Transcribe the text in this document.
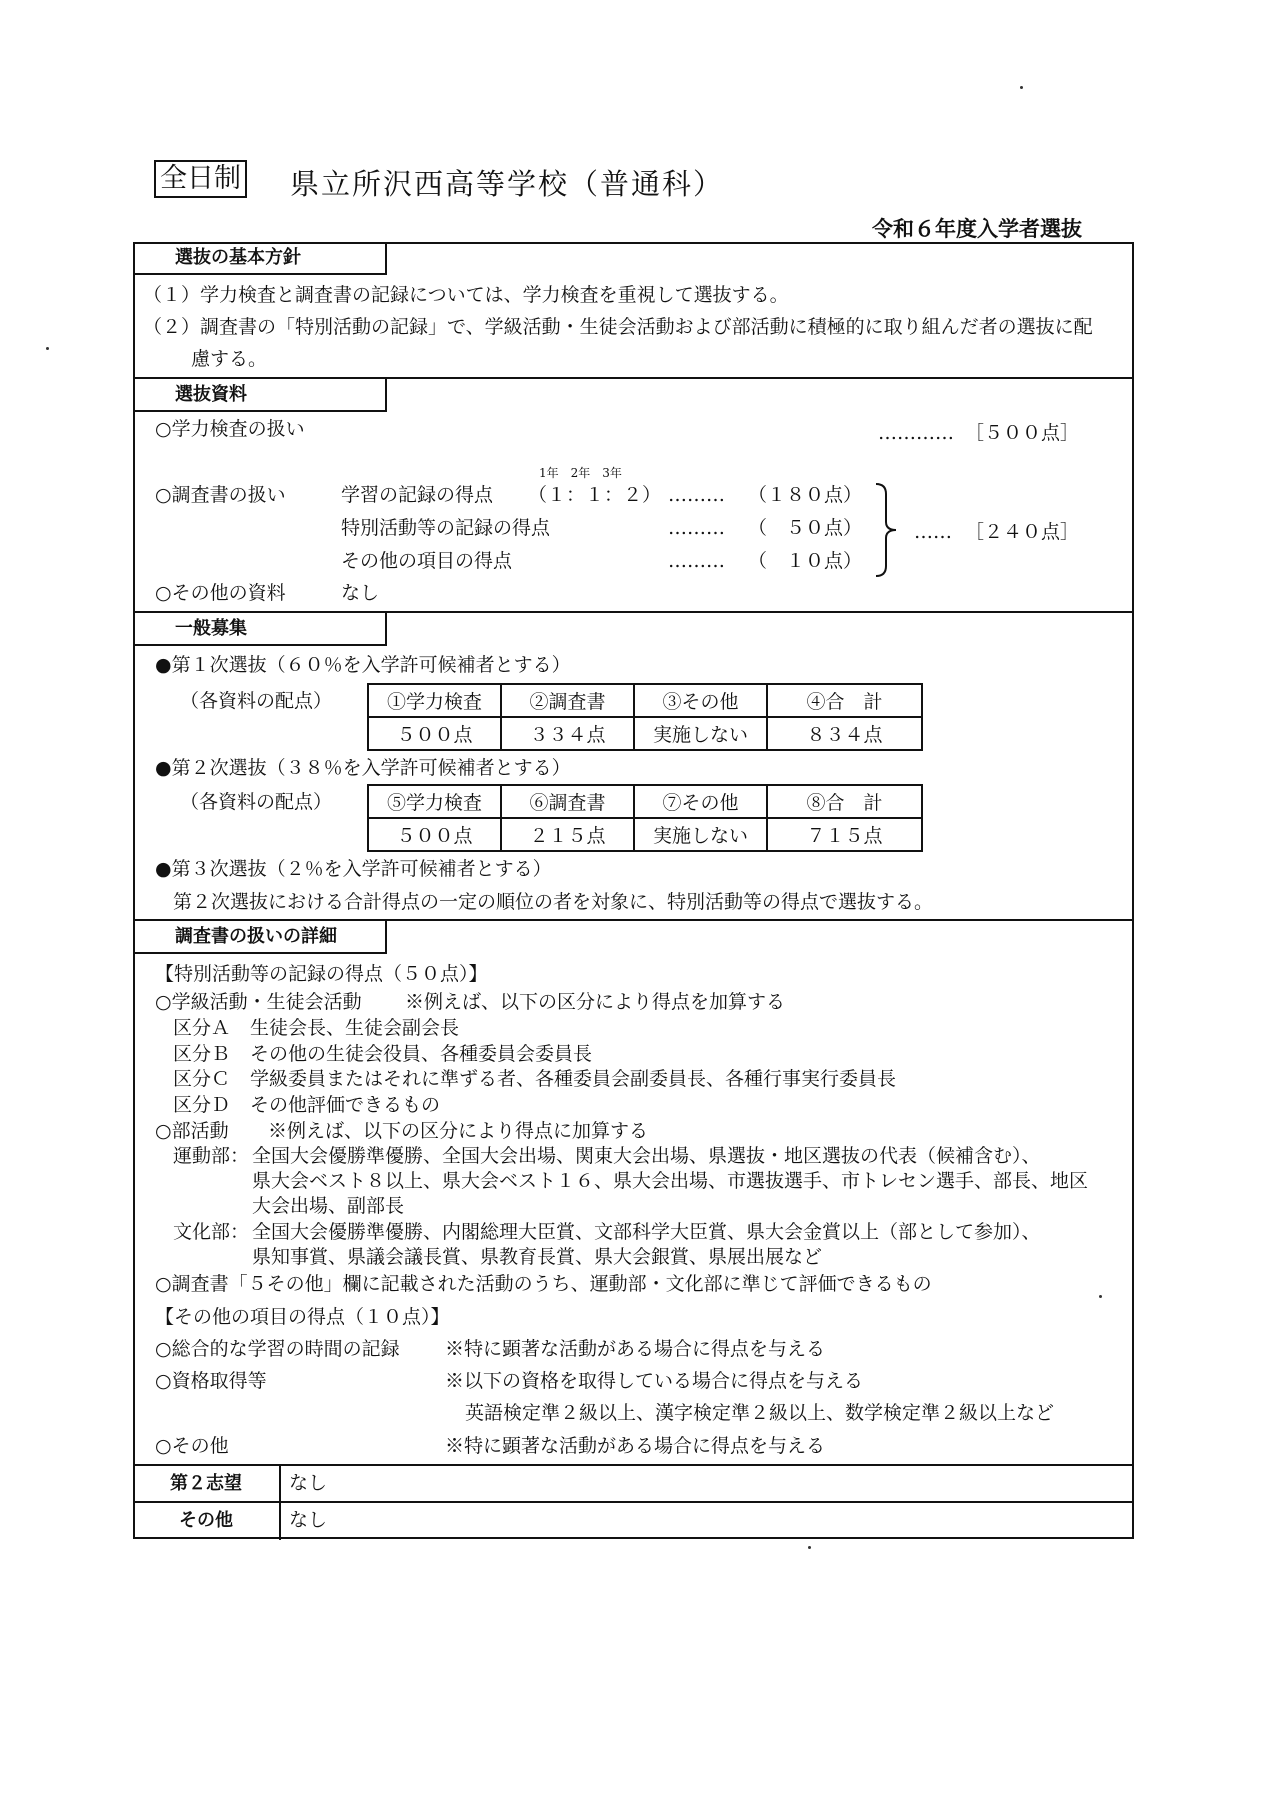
全日制 県立所沢西高等学校（普通科）
令和６年度入学者選抜
選抜の基本方針
（１）学力検査と調査書の記録については、学力検査を重視して選抜する。
（２）調査書の「特別活動の記録」で、学級活動・生徒会活動および部活動に積極的に取り組んだ者の選抜に配
慮する。
選抜資料
○学力検査の扱い	………… ［５００点］
1年　2年　3年
○調査書の扱い	学習の記録の得点 （１：１：２） ……… （１８０点）
特別活動等の記録の得点	……… （　５０点）
その他の項目の得点	……… （　１０点）
…… ［２４０点］
○その他の資料	なし
一般募集
●第１次選抜（６０％を入学許可候補者とする）
（各資料の配点）	①学力検査	②調査書	③その他	④合　計
５００点	３３４点	実施しない	８３４点
●第２次選抜（３８％を入学許可候補者とする）
（各資料の配点）	⑤学力検査	⑥調査書	⑦その他	⑧合　計
５００点	２１５点	実施しない	７１５点
●第３次選抜（２％を入学許可候補者とする）
第２次選抜における合計得点の一定の順位の者を対象に、特別活動等の得点で選抜する。
調査書の扱いの詳細
【特別活動等の記録の得点（５０点）】
○学級活動・生徒会活動 ※例えば、以下の区分により得点を加算する
区分Ａ 生徒会長、生徒会副会長
区分Ｂ その他の生徒会役員、各種委員会委員長
区分Ｃ 学級委員またはそれに準ずる者、各種委員会副委員長、各種行事実行委員長
区分Ｄ その他評価できるもの
○部活動 ※例えば、以下の区分により得点に加算する
運動部： 全国大会優勝準優勝、全国大会出場、関東大会出場、県選抜・地区選抜の代表（候補含む）、
県大会ベスト８以上、県大会ベスト１６、県大会出場、市選抜選手、市トレセン選手、部長、地区
大会出場、副部長
文化部： 全国大会優勝準優勝、内閣総理大臣賞、文部科学大臣賞、県大会金賞以上（部として参加）、
県知事賞、県議会議長賞、県教育長賞、県大会銀賞、県展出展など
○調査書「５その他」欄に記載された活動のうち、運動部・文化部に準じて評価できるもの
【その他の項目の得点（１０点）】
○総合的な学習の時間の記録 ※特に顕著な活動がある場合に得点を与える
○資格取得等	※以下の資格を取得している場合に得点を与える
英語検定準２級以上、漢字検定準２級以上、数学検定準２級以上など
○その他	※特に顕著な活動がある場合に得点を与える
第２志望	なし
その他	なし
